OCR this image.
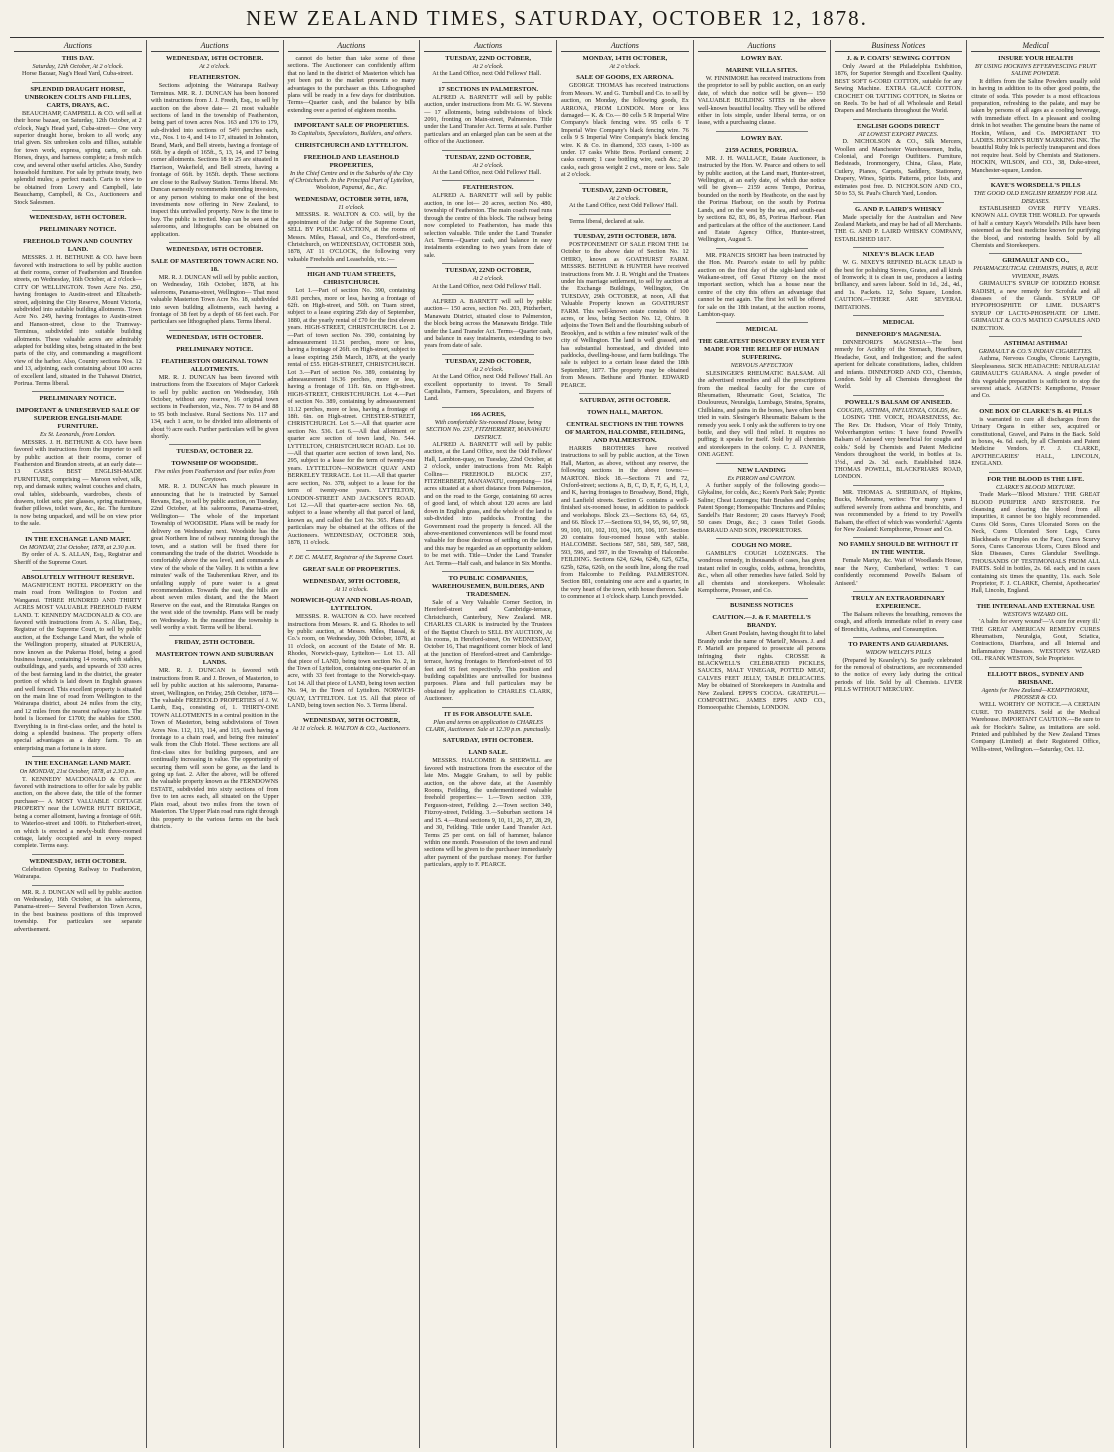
NEW ZEALAND TIMES, SATURDAY, OCTOBER 12, 1878.
Auctions
THIS DAY.
Saturday, 12th October, At 2 o'clock.
Horse Bazaar, Nag's Head Yard, Cuba-street.
SPLENDID DRAUGHT HORSE, UNBROKEN COLTS AND FILLIES, CARTS, DRAYS, &C.
BEAUCHAMP, CAMPBELL & CO. will sell at their horse bazaar, on Saturday, 12th October, at 2 o'clock, Nag's Head yard, Cuba-street— One very superior draught horse, broken to all work; any trial given. Six unbroken colts and fillies, suitable for town work, express, spring carts, or cab. Horses, drays, and harness complete; a fresh milch cow, and several other useful articles. Also, Sundry household furniture. For sale by private treaty, two splendid mules; a perfect match. Carts to view to be obtained from Lowry and Campbell, late Beauchamp, Campbell, & Co., Auctioneers and Stock Salesmen.
WEDNESDAY, 16TH OCTOBER.
PRELIMINARY NOTICE.
FREEHOLD TOWN AND COUNTRY LAND.
MESSRS. J. H. BETHUNE & CO. have been favored with instructions to sell by public auction at their rooms, corner of Featherston and Brandon streets, on Wednesday, 16th October, at 2 o'clock— CITY OF WELLINGTON. Town Acre No. 250, having frontages to Austin-street and Elizabeth-street, adjoining the City Reserve, Mount Victoria, subdivided into suitable building allotments. Town Acre No. 249, having frontages to Austin-street and Hanson-street, close to the Tramway-Terminus, subdivided into suitable building allotments. These valuable acres are admirably adapted for building sites, being situated in the best parts of the city, and commanding a magnificent view of the harbor. Also, Country sections Nos. 12 and 13, adjoining, each containing about 100 acres of excellent land, situated in the Tuhawai District, Porirua. Terms liberal.
PRELIMINARY NOTICE.
IMPORTANT & UNRESERVED SALE OF SUPERIOR ENGLISH-MADE FURNITURE.
Ex St. Leonards, from London.
MESSRS. J. H. BETHUNE & CO. have been favored with instructions from the importer to sell by public auction at their rooms, corner of Featherston and Brandon streets, at an early date— 13 CASES BEST ENGLISH-MADE FURNITURE, comprising — Maroon velvet, silk, rep, and damask suites; walnut couches and chairs, oval tables, sideboards, wardrobes, chests of drawers, toilet sets; pier glasses, spring mattresses, feather pillows, toilet ware, &c., &c. The furniture is now being unpacked, and will be on view prior to the sale.
IN THE EXCHANGE LAND MART.
On MONDAY, 21st October, 1878, at 2.30 p.m.
By order of A. S. ALLAN, Esq., Registrar and Sheriff of the Supreme Court.
ABSOLUTELY WITHOUT RESERVE.
MAGNIFICENT HOTEL PROPERTY on the main road from Wellington to Foxton and Wanganui. THREE HUNDRED AND THIRTY ACRES MOST VALUABLE FREEHOLD FARM LAND. T. KENNEDY MACDONALD & CO. are favored with instructions from A. S. Allan, Esq., Registrar of the Supreme Court, to sell by public auction, at the Exchange Land Mart, the whole of the Wellington property, situated at PUKERUA, now known as the Pukerua Hotel, being a good business house, containing 14 rooms, with stables, outbuildings, and yards, and upwards of 330 acres of the best farming land in the district, the greater portion of which is laid down in English grasses and well fenced. This excellent property is situated on the main line of road from Wellington to the Wairarapa district, about 24 miles from the city, and 12 miles from the nearest railway station. The hotel is licensed for £1700; the stables for £500. Everything is in first-class order, and the hotel is doing a splendid business. The property offers special advantages as a dairy farm. To an enterprising man a fortune is in store.
IN THE EXCHANGE LAND MART.
On MONDAY, 21st October, 1878, at 2.30 p.m.
T. KENNEDY MACDONALD & CO. are favored with instructions to offer for sale by public auction, on the above date, the title of the former purchaser— A MOST VALUABLE COTTAGE PROPERTY near the LOWER HUTT BRIDGE, being a corner allotment, having a frontage of 66ft. to Waterloo-street and 100ft. to Fitzherbert-street, on which is erected a newly-built three-roomed cottage, lately occupied and in every respect complete. Terms easy.
WEDNESDAY, 16TH OCTOBER.
Celebration Opening Railway to Featherston, Wairarapa.
MR. R. J. DUNCAN will sell by public auction on Wednesday, 16th October, at his salerooms, Panama-street— Several Featherston Town Acres, in the best business positions of this improved township. For particulars see separate advertisement.
Auctions
WEDNESDAY, 16TH OCTOBER.
At 2 o'clock.
FEATHERSTON.
Sections adjoining the Wairarapa Railway Terminus. MR. R. J. DUNCAN has been honored with instructions from J. J. Freeth, Esq., to sell by auction on the above date— 21 most valuable sections of land in the township of Featherston, being part of town acres Nos. 163 and 176 to 179, sub-divided into sections of 54½ perches each, viz., Nos. 1 to 4, and 14 to 17, situated in Johnston, Brand, Mark, and Bell streets, having a frontage of 66ft. by a depth of 165ft., 5, 13, 14, and 17 being corner allotments. Sections 18 to 25 are situated in Harrison, Wakefield, and Bell streets, having a frontage of 66ft. by 165ft. depth. These sections are close to the Railway Station. Terms liberal. Mr. Duncan earnestly recommends intending investors, or any person wishing to make one of the best investments now offering in New Zealand, to inspect this unrivalled property. Now is the time to buy. The public is invited. Map can be seen at the salerooms, and lithographs can be obtained on application.
WEDNESDAY, 16TH OCTOBER.
SALE OF MASTERTON TOWN ACRE NO. 18.
MR. R. J. DUNCAN will sell by public auction, on Wednesday, 16th October, 1878, at his salerooms, Panama-street, Wellington— That most valuable Masterton Town Acre No. 18, subdivided into seven building allotments, each having a frontage of 38 feet by a depth of 66 feet each. For particulars see lithographed plans. Terms liberal.
WEDNESDAY, 16TH OCTOBER.
PRELIMINARY NOTICE.
FEATHERSTON ORIGINAL TOWN ALLOTMENTS.
MR. R. J. DUNCAN has been favored with instructions from the Executors of Major Carkeek to sell by public auction on Wednesday, 16th October, without any reserve, 16 original town sections in Featherston, viz., Nos. 77 to 84 and 88 to 95 both inclusive. Rural Sections No. 117 and 134, each 1 acre, to be divided into allotments of about ½ acre each. Further particulars will be given shortly.
TUESDAY, OCTOBER 22.
TOWNSHIP OF WOODSIDE.
Five miles from Featherston and four miles from Greytown.
MR. R. J. DUNCAN has much pleasure in announcing that he is instructed by Samuel Revans, Esq., to sell by public auction, on Tuesday, 22nd October, at his salerooms, Panama-street, Wellington— The whole of the important Township of WOODSIDE. Plans will be ready for delivery on Wednesday next. Woodside has the great Northern line of railway running through the town, and a station will be fixed there for commanding the trade of the district. Woodside is comfortably above the sea level, and commands a view of the whole of the Valley. It is within a few minutes' walk of the Tauherenikau River, and its unfailing supply of pure water is a great recommendation. Towards the east, the hills are about seven miles distant, and the the Maori Reserve on the east, and the Rimutaka Ranges on the west side of the township. Plans will be ready on Wednesday. In the meantime the township is well worthy a visit. Terms will be liberal.
FRIDAY, 25TH OCTOBER.
MASTERTON TOWN AND SUBURBAN LANDS.
MR. R. J. DUNCAN is favored with instructions from R. and J. Brown, of Masterton, to sell by public auction at his salerooms, Panama-street, Wellington, on Friday, 25th October, 1878— The valuable FREEHOLD PROPERTIES of J. W. Lamb, Esq., consisting of, 1. THIRTY-ONE TOWN ALLOTMENTS in a central position in the Town of Masterton, being subdivisions of Town Acres Nos. 112, 113, 114, and 115, each having a frontage to a chain road, and being five minutes' walk from the Club Hotel. These sections are all first-class sites for building purposes, and are continually increasing in value. The opportunity of securing them will soon be gone, as the land is going up fast. 2. After the above, will be offered the valuable property known as the FERNDOWNS ESTATE, subdivided into sixty sections of from five to ten acres each, all situated on the Upper Plain road, about two miles from the town of Masterton. The Upper Plain road runs right through this property to the various farms on the back districts.
Auctions
cannot do better than take some of these sections. The Auctioneer can confidently affirm that no land in the district of Masterton which has yet been put to the market presents so many advantages to the purchaser as this. Lithographed plans will be ready in a few days for distribution. Terms—Quarter cash, and the balance by bills extending over a period of eighteen months.
IMPORTANT SALE OF PROPERTIES.
To Capitalists, Speculators, Builders, and others.
CHRISTCHURCH AND LYTTELTON.
FREEHOLD AND LEASEHOLD PROPERTIES,
In the Chief Centre and in the Suburbs of the City of Christchurch. In the Principal Part of Lyttelton, Woolston, Papanui, &c., &c.
WEDNESDAY, OCTOBER 30TH, 1878,
11 o'clock.
MESSRS. R. WALTON & CO. will, by the appointment of the Judge of the Supreme Court, SELL BY PUBLIC AUCTION, at the rooms of Messrs. Miles, Hassal, and Co., Hereford-street, Christchurch, on WEDNESDAY, OCTOBER 30th, 1878, AT 11 O'CLOCK, the following very valuable Freeholds and Leaseholds, viz.:—
HIGH AND TUAM STREETS, CHRISTCHURCH.
Lot 1.—Part of section No. 390, containing 9.81 perches, more or less, having a frontage of 62ft. on High-street, and 50ft. on Tuam street, subject to a lease expiring 25th day of September, 1880, at the yearly rental of £70 for the first eleven years. HIGH-STREET, CHRISTCHURCH. Lot 2.—Part of town section No. 390, containing by admeasurement 11.51 perches, more or less, having a frontage of 26ft. on High-street, subject to a lease expiring 25th March, 1878, at the yearly rental of £55. HIGH-STREET, CHRISTCHURCH. Lot 3.—Part of section No. 389, containing by admeasurement 16.36 perches, more or less, having a frontage of 11ft. 6in. on High-street. HIGH-STREET, CHRISTCHURCH. Lot 4.—Part of section No. 389, containing by admeasurement 11.12 perches, more or less, having a frontage of 18ft. 6in. on High-street. CHESTER-STREET, CHRISTCHURCH. Lot 5.—All that quarter acre section No. 536. Lot 6.—All that allotment or quarter acre section of town land, No. 544. LYTTELTON, CHRISTCHURCH ROAD. Lot 10.—All that quarter acre section of town land, No. 295, subject to a lease for the term of twenty-one years. LYTTELTON—NORWICH QUAY AND BERKELEY TERRACE. Lot 11.—All that quarter acre section, No. 378, subject to a lease for the term of twenty-one years. LYTTELTON, LONDON-STREET AND JACKSON'S ROAD. Lot 12.—All that quarter-acre section No. 68, subject to a lease whereby all that parcel of land, known as, and called the Lot No. 365. Plans and particulars may be obtained at the offices of the Auctioneers. WEDNESDAY, OCTOBER 30th, 1878, 11 o'clock.
F. DE C. MALET, Registrar of the Supreme Court.
GREAT SALE OF PROPERTIES.
WEDNESDAY, 30TH OCTOBER,
At 11 o'clock.
NORWICH-QUAY AND NOBLAS-ROAD, LYTTELTON.
MESSRS. R. WALTON & CO. have received instructions from Messrs. R. and G. Rhodes to sell by public auction, at Messrs. Miles, Hassal, & Co.'s room, on Wednesday, 30th October, 1878, at 11 o'clock, on account of the Estate of Mr. R. Rhodes, Norwich-quay, Lyttelton— Lot 13. All that piece of LAND, being town section No. 2, in the Town of Lyttelton, containing one-quarter of an acre, with 33 feet frontage to the Norwich-quay. Lot 14. All that piece of LAND, being town section No. 94, in the Town of Lyttelton. NORWICH-QUAY, LYTTELTON. Lot 15. All that piece of LAND, being town section No. 3. Terms liberal.
WEDNESDAY, 30TH OCTOBER,
At 11 o'clock. R. WALTON & CO., Auctioneers.
Auctions
TUESDAY, 22ND OCTOBER,
At 2 o'clock.
At the Land Office, next Odd Fellows' Hall.
17 SECTIONS IN PALMERSTON.
ALFRED A. BARNETT will sell by public auction, under instructions from Mr. G. W. Stevens— 17 allotments, being subdivisions of block 2091, fronting on Main-street, Palmerston. Title under the Land Transfer Act. Terms at sale. Further particulars and an enlarged plan can be seen at the office of the Auctioneer.
TUESDAY, 22ND OCTOBER,
At 2 o'clock.
At the Land Office, next Odd Fellows' Hall.
FEATHERSTON.
ALFRED A. BARNETT will sell by public auction, in one lot— 20 acres, section No. 480, township of Featherston. The main coach road runs through the centre of this block. The railway being now completed to Featherston, has made this selection valuable. Title under the Land Transfer Act. Terms—Quarter cash, and balance in easy instalments extending to two years from date of sale.
TUESDAY, 22ND OCTOBER,
At 2 o'clock.
At the Land Office, next Odd Fellows' Hall.
ALFRED A. BARNETT will sell by public auction— 150 acres, section No. 203, Pitzherbert, Manawatu District, situated close to Palmerston, the block being across the Manawatu Bridge. Title under the Land Transfer Act. Terms—Quarter cash, and balance in easy instalments, extending to two years from date of sale.
TUESDAY, 22ND OCTOBER,
At 2 o'clock.
At the Land Office, next Odd Fellows' Hall. An excellent opportunity to invest. To Small Capitalists, Farmers, Speculators, and Buyers of Land.
166 ACRES,
With comfortable Six-roomed House, being SECTION No. 237, FITZHERBERT, MANAWATU DISTRICT.
ALFRED A. BARNETT will sell by public auction, at the Land Office, next the Odd Fellows' Hall, Lambton-quay, on Tuesday, 22nd October, at 2 o'clock, under instructions from Mr. Ralph Collins— FREEHOLD BLOCK 237, FITZHERBERT, MANAWATU, comprising— 164 acres situated at a short distance from Palmerston, and on the road to the Gorge, containing 60 acres of good land, of which about 120 acres are laid down in English grass, and the whole of the land is sub-divided into paddocks. Fronting the Government road the property is fenced. All the above-mentioned conveniences will be found most valuable for those desirous of settling on the land, and this may be regarded as an opportunity seldom to be met with. Title—Under the Land Transfer Act. Terms—Half cash, and balance in Six Months.
TO PUBLIC COMPANIES, WAREHOUSEMEN, BUILDERS, AND TRADESMEN.
Sale of a Very Valuable Corner Section, in Hereford-street and Cambridge-terrace, Christchurch, Canterbury, New Zealand. MR. CHARLES CLARK is instructed by the Trustees of the Baptist Church to SELL BY AUCTION, At his rooms, in Hereford-street, On WEDNESDAY, October 16, That magnificent corner block of land at the junction of Hereford-street and Cambridge-terrace, having frontages to Hereford-street of 93 feet and 95 feet respectively. This position and building capabilities are unrivalled for business purposes. Plans and full particulars may be obtained by application to CHARLES CLARK, Auctioneer.
IT IS FOR ABSOLUTE SALE.
Plan and terms on application to CHARLES CLARK, Auctioneer. Sale at 12.30 p.m. punctually.
SATURDAY, 19TH OCTOBER.
LAND SALE.
MESSRS. HALCOMBE & SHERWILL are favored with instructions from the executor of the late Mrs. Maggie Graham, to sell by public auction, on the above date, at the Assembly Rooms, Feilding, the undermentioned valuable freehold properties:— 1.—Town section 339, Ferguson-street, Feilding. 2.—Town section 340, Fitzroy-street, Feilding. 3.—Suburban sections 14 and 15. 4.—Rural sections 9, 10, 11, 26, 27, 28, 29, and 30, Feilding. Title under Land Transfer Act. Terms 25 per cent. on fall of hammer, balance within one month. Possession of the town and rural sections will be given to the purchaser immediately after payment of the purchase money. For further particulars, apply to F. PEARCE.
Auctions
MONDAY, 14TH OCTOBER,
At 2 o'clock.
SALE OF GOODS, EX ARRONA.
GEORGE THOMAS has received instructions from Messrs. W. and G. Turnbull and Co. to sell by auction, on Monday, the following goods, Ex ARRONA, FROM LONDON. More or less damaged— K. & Co.— 80 cells 5 R Imperial Wire Company's black fencing wire. 95 cells 6 T Imperial Wire Company's black fencing wire. 76 cells 9 S Imperial Wire Company's black fencing wire. K & Co. in diamond, 333 cases, 1-100 as under. 17 casks White Bros. Portland cement; 2 casks cement; 1 case bottling wire, each &c.; 20 casks, each gross weight 2 cwt., more or less. Sale at 2 o'clock.
TUESDAY, 22ND OCTOBER,
At 2 o'clock.
At the Land Office, next Odd Fellows' Hall.
Terms liberal, declared at sale.
TUESDAY, 29TH OCTOBER, 1878.
POSTPONEMENT OF SALE FROM THE 1st October to the above date of Section No. 12 OHIRO, known as GOATHURST FARM. MESSRS. BETHUNE & HUNTER have received instructions from Mr. J. R. Wright and the Trustees under his marriage settlement, to sell by auction at the Exchange Buildings, Wellington, On TUESDAY, 29th OCTOBER, at noon, All that Valuable Property known as GOATHURST FARM. This well-known estate consists of 100 acres, or less, being Section No. 12, Ohiro. It adjoins the Town Belt and the flourishing suburb of Brooklyn, and is within a few minutes' walk of the city of Wellington. The land is well grassed, and has substantial homestead, and divided into paddocks, dwelling-house, and farm buildings. The sale is subject to a certain lease dated the 18th September, 1877. The property may be obtained from Messrs. Bethune and Hunter. EDWARD PEARCE.
SATURDAY, 26TH OCTOBER.
TOWN HALL, MARTON.
CENTRAL SECTIONS IN THE TOWNS OF MARTON, HALCOMBE, FEILDING, AND PALMERSTON.
HARRIS BROTHERS have received instructions to sell by public auction, at the Town Hall, Marton, as above, without any reserve, the following sections in the above towns:— MARTON. Block 18.—Sections 71 and 72, Oxford-street; sections A, B, C, D, E, F, G, H, I, J, and K, having frontages to Broadway, Bond, High, and Lanfield streets. Section G contains a well-finished six-roomed house, in addition to paddock and workshops. Block 23.—Sections 63, 64, 65, and 66. Block 17.—Sections 93, 94, 95, 96, 97, 98, 99, 100, 101, 102, 103, 104, 105, 106, 107. Section 20 contains four-roomed house with stable. HALCOMBE. Sections 587, 581, 589, 587, 588, 593, 596, and 597, in the Township of Halcombe. FEILDING. Sections 624, 624a, 624b, 625, 625a, 625b, 626a, 626b, on the south line, along the road from Halcombe to Feilding. PALMERSTON. Section 881, containing one acre and a quarter, in the very heart of the town, with house thereon. Sale to commence at 1 o'clock sharp. Lunch provided.
Auctions
LOWRY BAY.
MARINE VILLA SITES.
W. FINNIMORE has received instructions from the proprietor to sell by public auction, on an early date, of which due notice will be given— 150 VALUABLE BUILDING SITES in the above well-known beautiful locality. They will be offered either in lots simple, under liberal terms, or on lease, with a purchasing clause.
LOWRY BAY.
2159 ACRES, PORIRUA.
MR. J. H. WALLACE, Estate Auctioneer, is instructed by the Hon. W. Pearce and others to sell by public auction, at the Land mart, Hunter-street, Wellington, at an early date, of which due notice will be given— 2159 acres Tempo, Porirua, bounded on the north by Heathcote, on the east by the Porirua Harbour, on the south by Porirua Lands, and on the west by the sea, and south-east by sections 82, 83, 86, 85, Porirua Harbour. Plan and particulars at the office of the auctioneer. Land and Estate Agency Office, Hunter-street, Wellington, August 5.
MR. FRANCIS SHORT has been instructed by the Hon. Mr. Pearce's estate to sell by public auction on the first day of the sight-land side of Waikane-street, off Great Fitzroy on the most important section, which has a house near the centre of the city this offers an advantage that cannot be met again. The first lot will be offered for sale on the 18th instant, at the auction rooms, Lambton-quay.
MEDICAL
THE GREATEST DISCOVERY EVER YET MADE FOR THE RELIEF OF HUMAN SUFFERING.
NERVOUS AFFECTION
SLESINGER'S RHEUMATIC BALSAM. All the advertised remedies and all the prescriptions from the medical faculty for the cure of Rheumatism, Rheumatic Gout, Sciatica, Tic Douloureux, Neuralgia, Lumbago, Strains, Sprains, Chilblains, and pains in the bones, have often been tried in vain. Slesinger's Rheumatic Balsam is the remedy you seek. I only ask the sufferers to try one bottle, and they will find relief. It requires no puffing; it speaks for itself. Sold by all chemists and storekeepers in the colony. C. J. PANNER, ONE AGENT.
NEW LANDING
Ex PIRRON and CANTON.
A further supply of the following goods:— Glykaline, for colds, &c.; Keen's Pork Sale; Pyretic Saline; Cheat Lozenges; Hair Brushes and Combs; Patent Sponge; Homeopathic Tinctures and Pilules; Sandell's Hair Restorer; 20 cases Harvey's Food; 50 cases Drugs, &c.; 3 cases Toilet Goods. BARRAUD AND SON, PROPRIETORS.
COUGH NO MORE.
GAMBLE'S COUGH LOZENGES. The wondrous remedy, in thousands of cases, has given instant relief in coughs, colds, asthma, bronchitis, &c., when all other remedies have failed. Sold by all chemists and storekeepers. Wholesale: Kempthorne, Prosser, and Co.
BUSINESS NOTICES
CAUTION.—J. & F. MARTELL'S BRANDY.
Albert Grant Poulain, having thought fit to label Brandy under the name of 'Martell', Messrs. J. and F. Martell are prepared to prosecute all persons infringing their rights. CROSSE & BLACKWELL'S CELEBRATED PICKLES, SAUCES, MALT VINEGAR, POTTED MEAT, CALVES FEET JELLY, TABLE DELICACIES. May be obtained of Storekeepers in Australia and New Zealand. EPPS'S COCOA. GRATEFUL—COMFORTING. JAMES EPPS AND CO., Homoeopathic Chemists, LONDON.
Business Notices
J. & P. COATS' SEWING COTTON
Only Award at the Philadelphia Exhibition, 1876, for Superior Strength and Excellent Quality. BEST SOFT 6-CORD COTTON, suitable for any Sewing Machine. EXTRA GLACÉ COTTON. CROCHET OR TATTING COTTON, in Skeins or on Reels. To be had of all Wholesale and Retail Drapers and Merchants throughout the World.
ENGLISH GOODS DIRECT
AT LOWEST EXPORT PRICES.
D. NICHOLSON & CO., Silk Mercers, Woollen and Manchester Warehousemen, India, Colonial, and Foreign Outfitters. Furniture, Bedsteads, Ironmongery, China, Glass, Plate, Cutlery, Pianos, Carpets, Saddlery, Stationery, Drapery, Wines, Spirits. Patterns, price lists, and estimates post free. D. NICHOLSON AND CO., 50 to 53, St. Paul's Church Yard, London.
G. AND P. LAIRD'S WHISKY
Made specially for the Australian and New Zealand Markets, and may be had of all Merchants. THE G. AND P. LAIRD WHISKY COMPANY, ESTABLISHED 1817.
NIXEY'S BLACK LEAD
W. G. NIXEY'S REFINED BLACK LEAD is the best for polishing Stoves, Grates, and all kinds of Ironwork; it is clean in use, produces a lasting brilliancy, and saves labour. Sold in 1d., 2d., 4d., and 1s. Packets. 12, Soho Square, London. CAUTION.—THERE ARE SEVERAL IMITATIONS.
MEDICAL
DINNEFORD'S MAGNESIA.
DINNEFORD'S MAGNESIA—The best remedy for Acidity of the Stomach, Heartburn, Headache, Gout, and Indigestion; and the safest aperient for delicate constitutions, ladies, children and infants. DINNEFORD AND CO., Chemists, London. Sold by all Chemists throughout the World.
POWELL'S BALSAM OF ANISEED.
COUGHS, ASTHMA, INFLUENZA, COLDS, &c.
LOSING THE VOICE, HOARSENESS, &c. The Rev. Dr. Hudson, Vicar of Holy Trinity, Wolverhampton writes: 'I have found Powell's Balsam of Aniseed very beneficial for coughs and colds.' Sold by Chemists and Patent Medicine Vendors throughout the world, in bottles at 1s. 1½d., and 2s. 3d. each. Established 1824. THOMAS POWELL, BLACKFRIARS ROAD, LONDON.
MR. THOMAS A. SHERIDAN, of Hipkins, Bucks, Melbourne, writes: 'For many years I suffered severely from asthma and bronchitis, and was recommended by a friend to try Powell's Balsam, the effect of which was wonderful.' Agents for New Zealand: Kempthorne, Prosser and Co.
NO FAMILY SHOULD BE WITHOUT IT IN THE WINTER.
Female Martyr, &c. Wait of Woodlands House, near the Navy, Cumberland, writes: 'I can confidently recommend Powell's Balsam of Aniseed.'
TRULY AN EXTRAORDINARY EXPERIENCE.
The Balsam relieves the breathing, removes the cough, and affords immediate relief in every case of Bronchitis, Asthma, and Consumption.
TO PARENTS AND GUARDIANS.
WIDOW WELCH'S PILLS
(Prepared by Kearsley's). So justly celebrated for the removal of obstructions, are recommended to the notice of every lady during the critical periods of life. Sold by all Chemists. LIVER PILLS WITHOUT MERCURY.
Medical
INSURE YOUR HEALTH
BY USING HOCKIN'S EFFERVESCING FRUIT SALINE POWDER.
It differs from the Saline Powders usually sold in having in addition to its other good points, the citrate of soda. This powder is a most efficacious preparation, refreshing to the palate, and may be taken by persons of all ages as a cooling beverage, with immediate effect. In a pleasant and cooling drink in hot weather. The genuine bears the name of Hockin, Wilson, and Co. IMPORTANT TO LADIES. HOCKIN'S RUBY MARKING INK. The beautiful Ruby Ink is perfectly transparent and does not require heat. Sold by Chemists and Stationers. HOCKIN, WILSON, and CO., 38, Duke-street, Manchester-square, London.
KAYE'S WORSDELL'S PILLS
THE GOOD OLD ENGLISH REMEDY FOR ALL DISEASES.
ESTABLISHED OVER FIFTY YEARS. KNOWN ALL OVER THE WORLD. For upwards of half a century Kaye's Worsdell's Pills have been esteemed as the best medicine known for purifying the blood, and restoring health. Sold by all Chemists and Storekeepers.
GRIMAULT AND CO.,
PHARMACEUTICAL CHEMISTS, PARIS, 8, RUE VIVIENNE, PARIS.
GRIMAULT'S SYRUP OF IODIZED HORSE RADISH, a new remedy for Scrofula and all diseases of the Glands. SYRUP OF HYPOPHOSPHITE OF LIME. DUSART'S SYRUP OF LACTO-PHOSPHATE OF LIME. GRIMAULT & CO.'S MATICO CAPSULES AND INJECTION.
ASTHMA! ASTHMA!
GRIMAULT & CO.'S INDIAN CIGARETTES.
Asthma, Nervous Coughs, Chronic Laryngitis, Sleeplessness. SICK HEADACHE: NEURALGIA! GRIMAULT'S GUARANA. A single powder of this vegetable preparation is sufficient to stop the severest attack. AGENTS: Kempthorne, Prosser and Co.
ONE BOX OF CLARKE'S B. 41 PILLS
is warranted to cure all discharges from the Urinary Organs in either sex, acquired or constitutional, Gravel, and Pains in the Back. Sold in boxes, 4s. 6d. each, by all Chemists and Patent Medicine Vendors. F. J. CLARKE, APOTHECARIES' HALL, LINCOLN, ENGLAND.
FOR THE BLOOD IS THE LIFE.
CLARKE'S BLOOD MIXTURE.
Trade Mark—'Blood Mixture.' THE GREAT BLOOD PURIFIER AND RESTORER. For cleansing and clearing the blood from all impurities, it cannot be too highly recommended. Cures Old Sores, Cures Ulcerated Sores on the Neck, Cures Ulcerated Sore Legs, Cures Blackheads or Pimples on the Face, Cures Scurvy Sores, Cures Cancerous Ulcers, Cures Blood and Skin Diseases, Cures Glandular Swellings. THOUSANDS OF TESTIMONIALS FROM ALL PARTS. Sold in bottles, 2s. 6d. each, and in cases containing six times the quantity, 11s. each. Sole Proprietor, F. J. CLARKE, Chemist, Apothecaries' Hall, Lincoln, England.
THE INTERNAL AND EXTERNAL USE
WESTON'S WIZARD OIL.
'A balm for every wound'—'A cure for every ill.' THE GREAT AMERICAN REMEDY CURES Rheumatism, Neuralgia, Gout, Sciatica, Contractions, Diarrhœa, and all Internal and Inflammatory Diseases. WESTON'S WIZARD OIL. FRANK WESTON, Sole Proprietor.
ELLIOTT BROS., SYDNEY AND BRISBANE.
Agents for New Zealand—KEMPTHORNE, PROSSER & CO.
WELL WORTHY OF NOTICE.—A CERTAIN CURE. TO PARENTS. Sold at the Medical Warehouse. IMPORTANT CAUTION.—Be sure to ask for Hockin's Saline, as imitations are sold. Printed and published by the New Zealand Times Company (Limited) at their Registered Office, Willis-street, Wellington.—Saturday, Oct. 12.
